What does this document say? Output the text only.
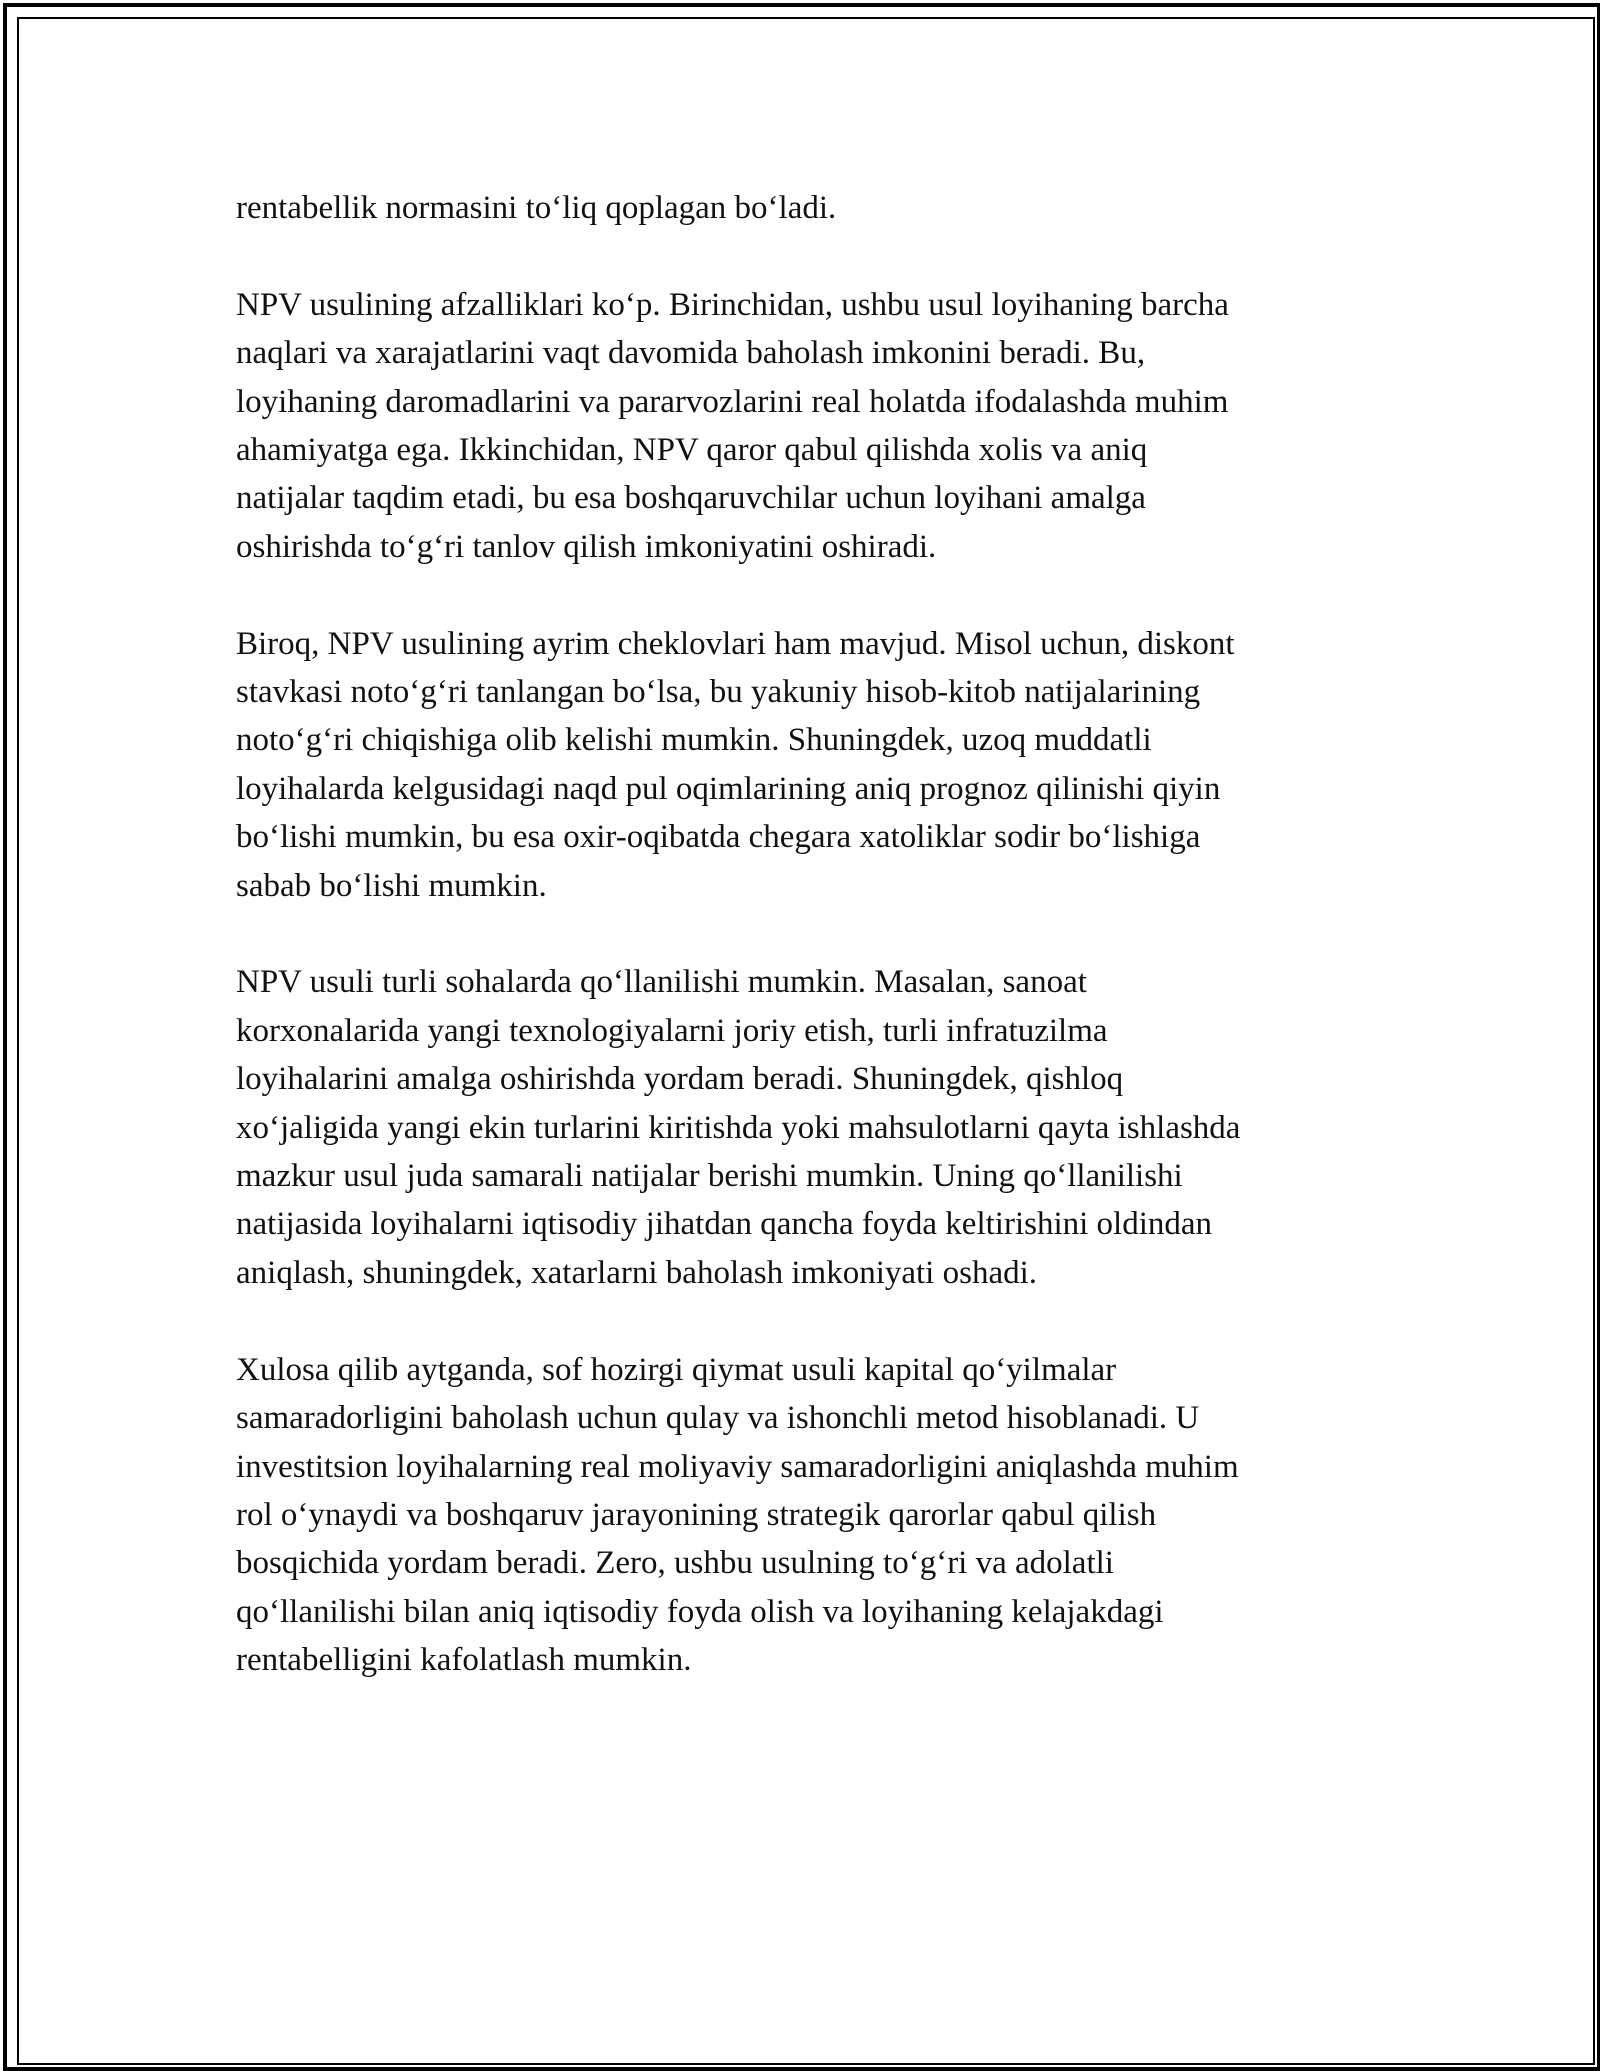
rentabellik normasini to‘liq qoplagan bo‘ladi.

NPV usulining afzalliklari ko‘p. Birinchidan, ushbu usul loyihaning barcha
naqlari va xarajatlarini vaqt davomida baholash imkonini beradi. Bu,
loyihaning daromadlarini va pararvozlarini real holatda ifodalashda muhim
ahamiyatga ega. Ikkinchidan, NPV qaror qabul qilishda xolis va aniq
natijalar taqdim etadi, bu esa boshqaruvchilar uchun loyihani amalga
oshirishda to‘g‘ri tanlov qilish imkoniyatini oshiradi.

Biroq, NPV usulining ayrim cheklovlari ham mavjud. Misol uchun, diskont
stavkasi noto‘g‘ri tanlangan bo‘lsa, bu yakuniy hisob-kitob natijalarining
noto‘g‘ri chiqishiga olib kelishi mumkin. Shuningdek, uzoq muddatli
loyihalarda kelgusidagi naqd pul oqimlarining aniq prognoz qilinishi qiyin
bo‘lishi mumkin, bu esa oxir-oqibatda chegara xatoliklar sodir bo‘lishiga
sabab bo‘lishi mumkin.

NPV usuli turli sohalarda qo‘llanilishi mumkin. Masalan, sanoat
korxonalarida yangi texnologiyalarni joriy etish, turli infratuzilma
loyihalarini amalga oshirishda yordam beradi. Shuningdek, qishloq
xo‘jaligida yangi ekin turlarini kiritishda yoki mahsulotlarni qayta ishlashda
mazkur usul juda samarali natijalar berishi mumkin. Uning qo‘llanilishi
natijasida loyihalarni iqtisodiy jihatdan qancha foyda keltirishini oldindan
aniqlash, shuningdek, xatarlarni baholash imkoniyati oshadi.

Xulosa qilib aytganda, sof hozirgi qiymat usuli kapital qo‘yilmalar
samaradorligini baholash uchun qulay va ishonchli metod hisoblanadi. U
investitsion loyihalarning real moliyaviy samaradorligini aniqlashda muhim
rol o‘ynaydi va boshqaruv jarayonining strategik qarorlar qabul qilish
bosqichida yordam beradi. Zero, ushbu usulning to‘g‘ri va adolatli
qo‘llanilishi bilan aniq iqtisodiy foyda olish va loyihaning kelajakdagi
rentabelligini kafolatlash mumkin.
